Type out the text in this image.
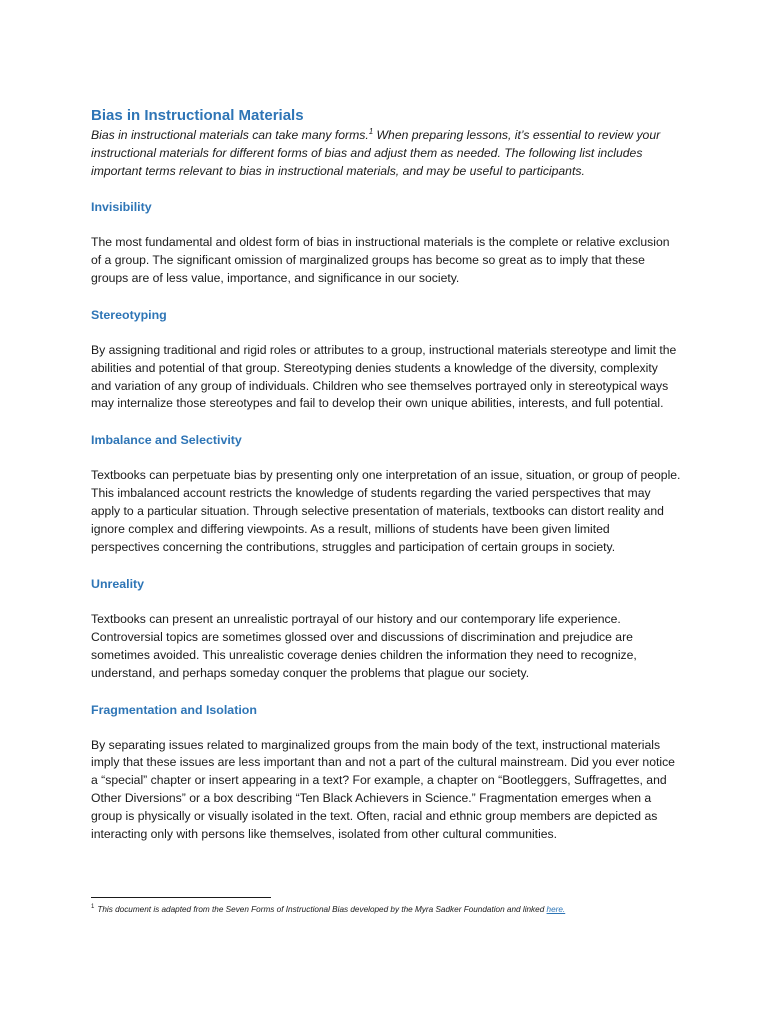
Bias in Instructional Materials

Bias in instructional materials can take many forms.$^1$ When preparing lessons, it’s essential to review your instructional materials for different forms of bias and adjust them as needed. The following list includes important terms relevant to bias in instructional materials, and may be useful to participants.

Invisibility

The most fundamental and oldest form of bias in instructional materials is the complete or relative exclusion of a group. The significant omission of marginalized groups has become so great as to imply that these groups are of less value, importance, and significance in our society.

Stereotyping

By assigning traditional and rigid roles or attributes to a group, instructional materials stereotype and limit the abilities and potential of that group. Stereotyping denies students a knowledge of the diversity, complexity and variation of any group of individuals. Children who see themselves portrayed only in stereotypical ways may internalize those stereotypes and fail to develop their own unique abilities, interests, and full potential.

Imbalance and Selectivity

Textbooks can perpetuate bias by presenting only one interpretation of an issue, situation, or group of people. This imbalanced account restricts the knowledge of students regarding the varied perspectives that may apply to a particular situation. Through selective presentation of materials, textbooks can distort reality and ignore complex and differing viewpoints. As a result, millions of students have been given limited perspectives concerning the contributions, struggles and participation of certain groups in society.

Unreality

Textbooks can present an unrealistic portrayal of our history and our contemporary life experience. Controversial topics are sometimes glossed over and discussions of discrimination and prejudice are sometimes avoided. This unrealistic coverage denies children the information they need to recognize, understand, and perhaps someday conquer the problems that plague our society.

Fragmentation and Isolation

By separating issues related to marginalized groups from the main body of the text, instructional materials imply that these issues are less important than and not a part of the cultural mainstream. Did you ever notice a “special” chapter or insert appearing in a text? For example, a chapter on “Bootleggers, Suffragettes, and Other Diversions” or a box describing “Ten Black Achievers in Science.” Fragmentation emerges when a group is physically or visually isolated in the text. Often, racial and ethnic group members are depicted as interacting only with persons like themselves, isolated from other cultural communities.

$^1$ This document is adapted from the Seven Forms of Instructional Bias developed by the Myra Sadker Foundation and linked here.
